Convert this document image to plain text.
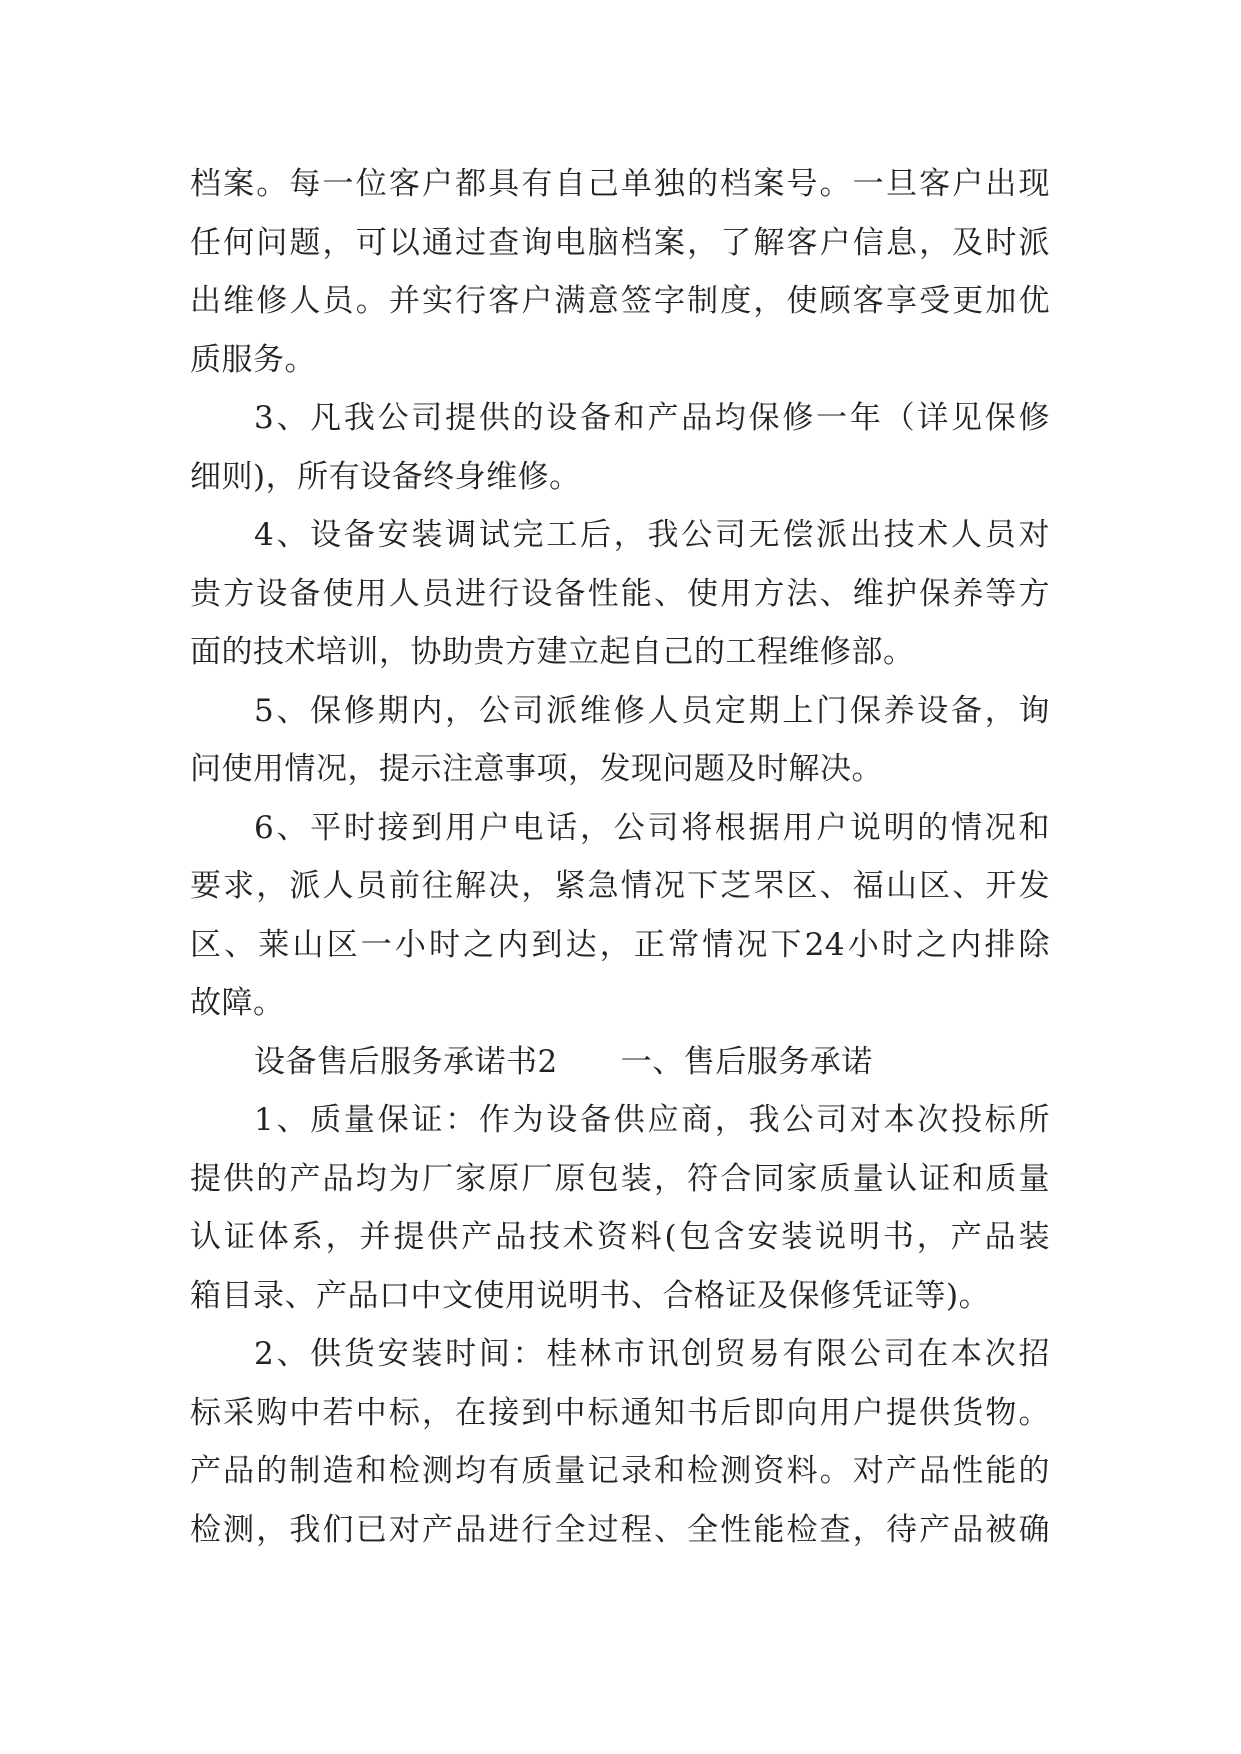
档案。每一位客户都具有自己单独的档案号。一旦客户出现
任何问题，可以通过查询电脑档案，了解客户信息，及时派
出维修人员。并实行客户满意签字制度，使顾客享受更加优
质服务。
3、凡我公司提供的设备和产品均保修一年（详见保修
细则)，所有设备终身维修。
4、设备安装调试完工后，我公司无偿派出技术人员对
贵方设备使用人员进行设备性能、使用方法、维护保养等方
面的技术培训，协助贵方建立起自己的工程维修部。
5、保修期内，公司派维修人员定期上门保养设备，询
问使用情况，提示注意事项，发现问题及时解决。
6、平时接到用户电话，公司将根据用户说明的情况和
要求，派人员前往解决，紧急情况下芝罘区、福山区、开发
区、莱山区一小时之内到达，正常情况下24小时之内排除
故障。
设备售后服务承诺书2　　一、售后服务承诺
1、质量保证：作为设备供应商，我公司对本次投标所
提供的产品均为厂家原厂原包装，符合同家质量认证和质量
认证体系，并提供产品技术资料(包含安装说明书，产品装
箱目录、产品口中文使用说明书、合格证及保修凭证等)。
2、供货安装时间：桂林市讯创贸易有限公司在本次招
标采购中若中标，在接到中标通知书后即向用户提供货物。
产品的制造和检测均有质量记录和检测资料。对产品性能的
检测，我们已对产品进行全过程、全性能检查，待产品被确
